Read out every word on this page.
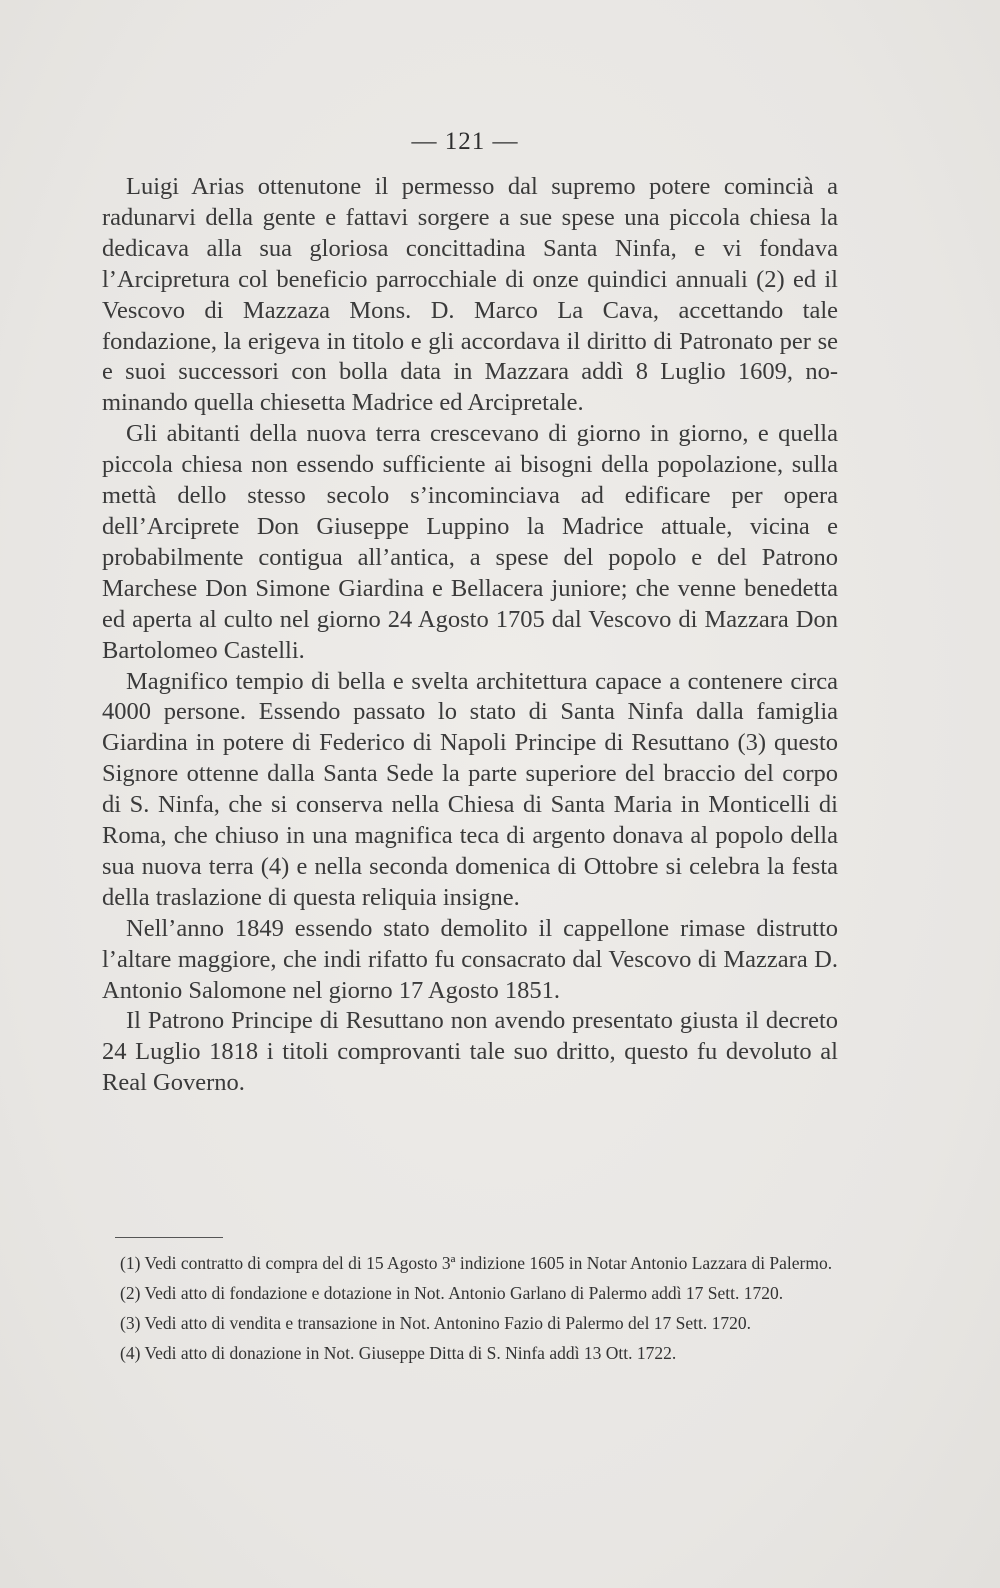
— 121 —

Luigi Arias ottenutone il permesso dal supremo potere comincià a radunarvi della gente e fattavi sorgere a sue spese una piccola chiesa la dedicava alla sua gloriosa concittadina Santa Ninfa, e vi fondava l’Arcipretura col beneficio parrocchiale di onze quindici annuali (2) ed il Vescovo di Mazzaza Mons. D. Marco La Cava, accettando tale fondazione, la erigeva in titolo e gli accordava il diritto di Patronato per se e suoi successori con bolla data in Mazzara addì 8 Luglio 1609, nominando quella chiesetta Madrice ed Arcipretale.

Gli abitanti della nuova terra crescevano di giorno in giorno, e quella piccola chiesa non essendo sufficiente ai bisogni della popolazione, sulla mettà dello stesso secolo s’incominciava ad edificare per opera dell’Arciprete Don Giuseppe Luppino la Madrice attuale, vicina e probabilmente contigua all’antica, a spese del popolo e del Patrono Marchese Don Simone Giardina e Bellacera juniore; che venne benedetta ed aperta al culto nel giorno 24 Agosto 1705 dal Vescovo di Mazzara Don Bartolomeo Castelli.

Magnifico tempio di bella e svelta architettura capace a contenere circa 4000 persone. Essendo passato lo stato di Santa Ninfa dalla famiglia Giardina in potere di Federico di Napoli Principe di Resuttano (3) questo Signore ottenne dalla Santa Sede la parte superiore del braccio del corpo di S. Ninfa, che si conserva nella Chiesa di Santa Maria in Monticelli di Roma, che chiuso in una magnifica teca di argento donava al popolo della sua nuova terra (4) e nella seconda domenica di Ottobre si celebra la festa della traslazione di questa reliquia insigne.

Nell’anno 1849 essendo stato demolito il cappellone rimase distrutto l’altare maggiore, che indi rifatto fu consacrato dal Vescovo di Mazzara D. Antonio Salomone nel giorno 17 Agosto 1851.

Il Patrono Principe di Resuttano non avendo presentato giusta il decreto 24 Luglio 1818 i titoli comprovanti tale suo dritto, questo fu devoluto al Real Governo.

(1) Vedi contratto di compra del di 15 Agosto 3ª indizione 1605 in Notar Antonio Lazzara di Palermo.

(2) Vedi atto di fondazione e dotazione in Not. Antonio Garlano di Palermo addì 17 Sett. 1720.

(3) Vedi atto di vendita e transazione in Not. Antonino Fazio di Palermo del 17 Sett. 1720.

(4) Vedi atto di donazione in Not. Giuseppe Ditta di S. Ninfa addì 13 Ott. 1722.
